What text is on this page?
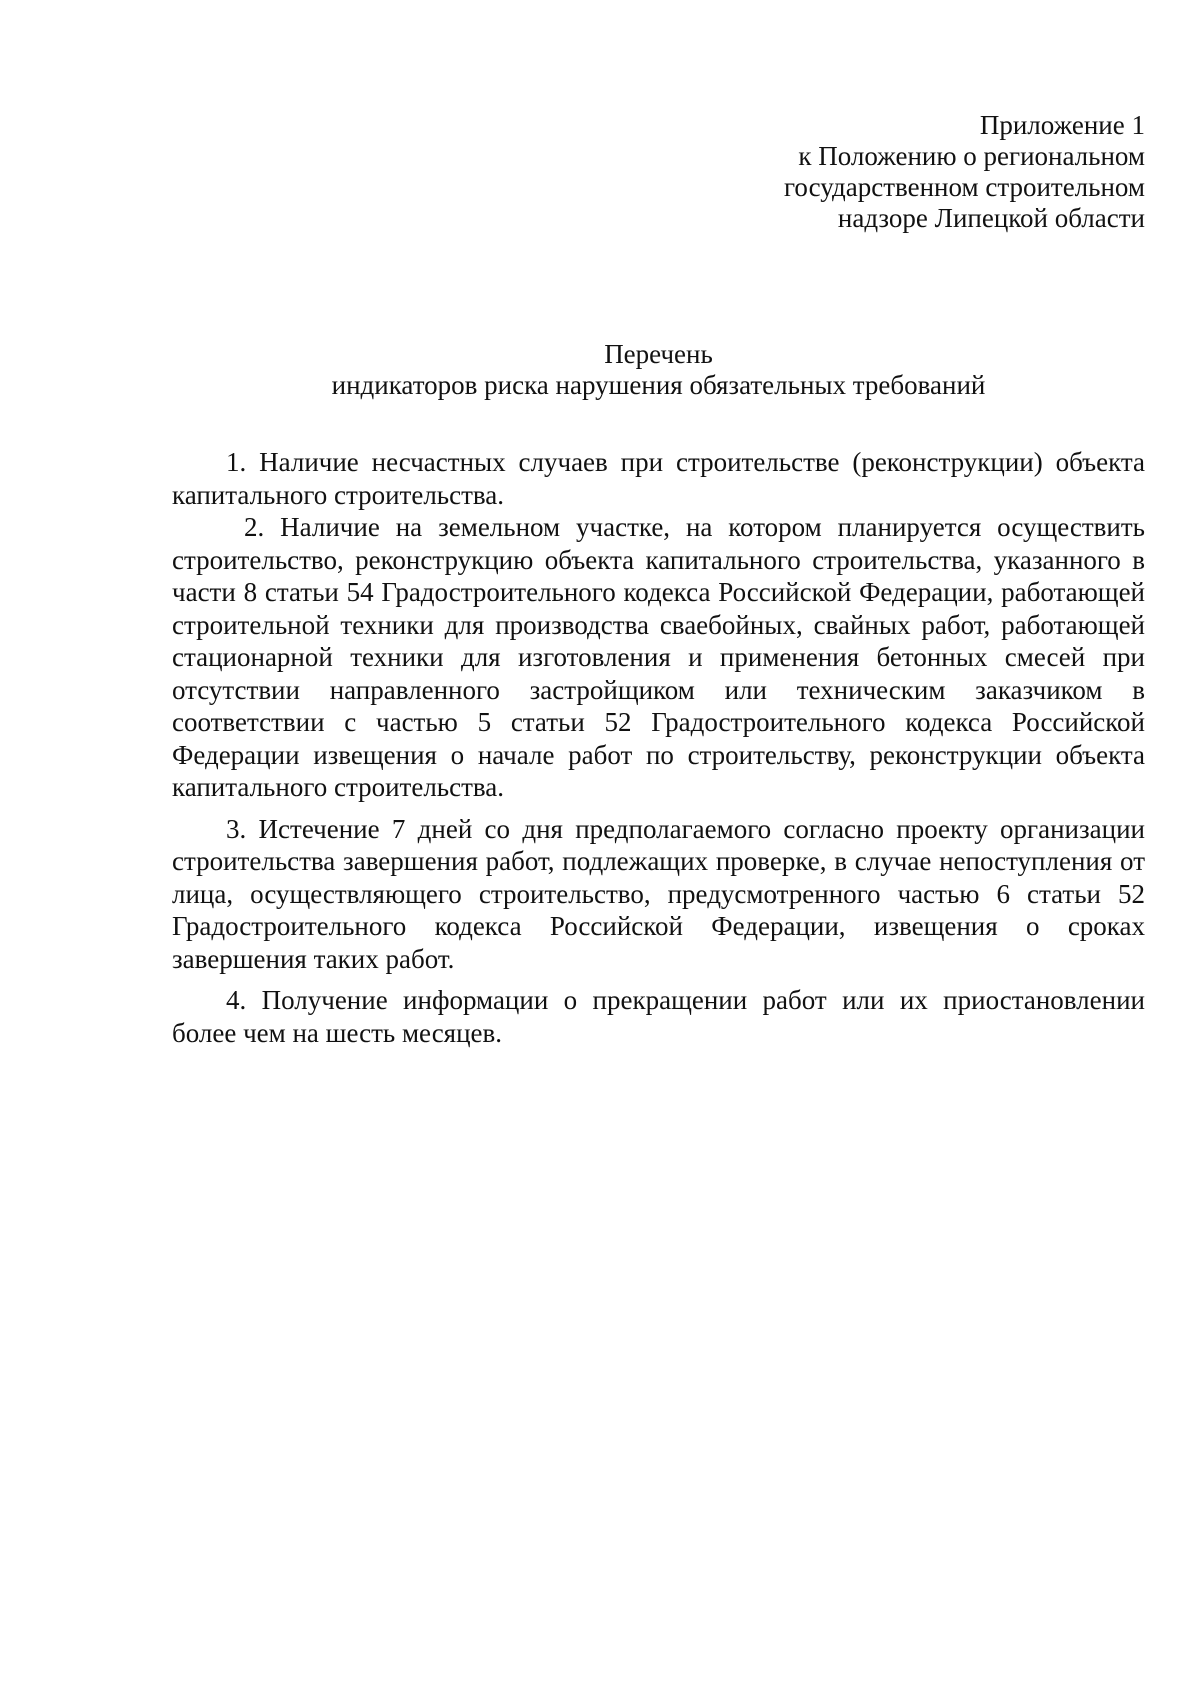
Приложение 1
к Положению о региональном
государственном строительном
надзоре Липецкой области
Перечень
индикаторов риска нарушения обязательных требований

1. Наличие несчастных случаев при строительстве (реконструкции) объекта капитального строительства.

2. Наличие на земельном участке, на котором планируется осуществить строительство, реконструкцию объекта капитального строительства, указанного в части 8 статьи 54 Градостроительного кодекса Российской Федерации, работающей строительной техники для производства сваебойных, свайных работ, работающей стационарной техники для изготовления и применения бетонных смесей при отсутствии направленного застройщиком или техническим заказчиком в соответствии с частью 5 статьи 52 Градостроительного кодекса Российской Федерации извещения о начале работ по строительству, реконструкции объекта капитального строительства.

3. Истечение 7 дней со дня предполагаемого согласно проекту организации строительства завершения работ, подлежащих проверке, в случае непоступления от лица, осуществляющего строительство, предусмотренного частью 6 статьи 52 Градостроительного кодекса Российской Федерации, извещения о сроках завершения таких работ.

4. Получение информации о прекращении работ или их приостановлении более чем на шесть месяцев.
